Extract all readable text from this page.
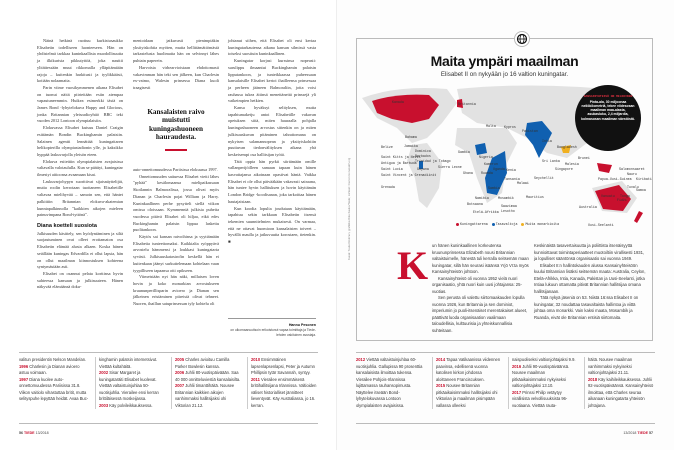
Näinä hetkinä raottuu kurkistusaukko Elisabetin todelliseen luonteeseen. Hän on yhdistelmä tarkkaa kuninkaallista muodollisuutta ja ilkikurista pikkutyttöä, joka nauttii ylitättessään muut rikkomalla ylläpitämiään rajoja – kuitenkin harkitusti ja tyylikkäästi, kotiään nolaamatta.

Parin viime vuosikymmenen aikana Elisabet on tuonut näitä piirteitään esiin aiempaa vapautuneemmin. Huikea esimerkki tästä on James Bond -lyhytelokuva Happy and Glorious, jonka Britannian yleisradioyhtiö BBC teki vuoden 2012 Lontoon olympialaisiin.

Elokuvassa Elisabet kutsuu Daniel Craigin esittämän Bondin Buckinghamin palatsiin. Salainen agentti lennättää kuningattaren helikopterilla olympiastadionin ylle, ja kaksikko hyppää laskuvarjolla yleisön eteen.

Elokuva esitettiin olympialaisten avajaisissa valtavalla valotaululla. Kun se päättyi, kuningatar ilmestyi aitioonsa avaamaan kisat.

Laskuvarjohypyn suorittivat sijaisnäyttelijät, mutta roolin kerrotaan tuottaneen Elisabetille valtavaa mielihyvää – samoin sen, että häntet palkittiin Britannian elokuva-akatemian kunniapalkinnolla "kaikkien aikojen mieleen painuvimpana Bond-tyttönä".

Diana koetteli suosiota

Julkisuuden käsittely, sen hyödyntäminen ja siltä suojautuminen ovat olleet erottamaton osa Elisabetin elämää alusta alkaen. Koska hänen setällään kuningas Edvardilla ei ollut lapsia, hän on ollut maailman kiinnostuksen kohteena syntymästään asti.

Elisabet on osannut pelata korttinsa hyvin suhteessa kansaan ja julkisuuteen. Hänen näkyvää elämäänsä doku-

mentoidaan jatkuvasti pienimpiäkin yksityiskohtia myöten, mutta hellittämättömästä tarkastelusta huolimatta hän on selvinnyt lähes puhtain paperein.

Harvoista virhearvioistaan ehdottomasti vakavimman hän teki sen jälkeen, kun Charlesin ex-vaimo, Walesin prinsessa Diana kuoli traagisesti

Kansalaisten raivo muistutti kuningashuoneen hauraudesta.

auto-onnettomuudessa Pariisissa elokuussa 1997.

Onnettomuuden sattuessa Elisabet vietti lähes "pyhää" kesälomaansa mielipaikassaan Skotlannin Balmoralissa, jossa olivat myös Dianan ja Charlesin pojat William ja Harry. Kuninkaallinen perhe pysytteli siellä viikon omissa oloissaan. Kymmenniä julkisia puheita vuodessa pitävä Elisabet oli hiljaa, eikä edes Buckinghamin palatsin lippua laskettu puolitankoon.

Käytös sai kansan raivoihinsa ja syyttämään Elisabetia tunteettomaksi. Kaikkialta ryöppyävä arvostelu hämmensi ja loukkasi kuningatarta syvästi. Julkisuuskatastrofin keskellä hän ei kuitenkaan jäänyt surkuttelemaan kohtelaan vaan tyypilliseen tapaansa otti opikseen.

Viimeistään nyt hän näki, millaisen loven hovin ja koko monarkian arvostukseen kruununperillisparin avioero ja Dianan sen jälkeinen eristäminen piireistä olivat tehneet. Nuoren, ihaillun satuprinsessan tyly kohtelu oli

johtanut siihen, että Elisabet oli ensi kertaa kuningatarkautensa aikana kansan silmissä vasta toiseksi suosituin kuninkaallinen.

Kuningatar korjasi kurssinsa nopeasti: surulippu ilmaantui Buckinghamin palatsin lipputankoon, ja tunteikkaassa puheessaan kansalaisille Elisabet kertoi ihailleensa prinsessaa ja perheen jääneen Balmoraliin, jotta voisi rauhassa tukea äitinsä menettäneitä prinssejä yli vaikeimpien hetkien.

Kansa hyväksyi selityksen, mutta tapahtumaketju antoi Elisabetille vakavan opetuksen siitä, miten hauraalla pohjalla kuningashuoneen arvostus sittenkin on ja miten julkisuuskuvan pitäminen tahrattomana on nykyisen salamannopean ja yksityiskohtiin puuttuvan tiedonvälityksen aikana yhä keskeisempi osa hallitsijan työtä.

Tätä oppia hän pyrkii siirtämään omille vallanperijöilleen samaan tapaan kuin hänen kasvattajansa aikoinaan opastivat häntä. Vaikka Elisabet ei ole ollut päivääkään vakavasti sairaana, hän tuntee hyvin hallituksen ja hovin käyttämän London Bridge -koodisanan, joka tarkoittaa hänen hautajaisiaan.

Kun koodia lopulta joudutaan käyttämään, tapahtuu sekin tarkkaan Elisabetin itsensä tekemien suunnitelmien mukaisesti. On varmaa, että ne ottavat huomioon kansalaisten toiveet – hyvällä maulla ja jatkuvuutta korostaen, tietenkin. ■

Hannu Pesonen
on ulkomaanuutisoin erikoistunut vapaa toimittaja ja Tiede-lehden vakituinen avustaja.
valitun presidentin Nelson Mandelan.
1996 Charlesin ja Dianan avioero astuu voimaan.
1997 Diana kuolee auto-onnettomuudessa Pariisissa 31.8. Viikon vaitiolo vihastuttaa britit, mutta selityspuhe lepyttää heidät. Avaa Buc-
kinghamin palatsin internetsivut. Viettää kultahäitä.
2002 Sisar Margaret ja kuningataräiti Elisabet kuolevat. Viettää valtaistuinjuhlaa 50-vuotisjuhlia. Vierailee ensi kerran brittiläisessä moskeijassa.
2003 Käy polvileikkauksessa.
2005 Charles avioituu Camilla Parker Bowlesin kanssa.
2006 Juhlii 80-vuotispäiväään. Saa 40 000 onnitteluviestiä kansalaisilta.
2007 Juhlii timanttihäitä. Nousee Britannian kaikkien aikojen vanhimmaksi hallitsijaksi ohi Viktorian 21.12.
2010 Ensimmäinen lapsenlapsenlapsi, Peter ja Autumn Phillipsin tytär Savannah, syntyy.
2011 Vierailee ensimmäisenä brittihallitsijana Irlannissa. Valtioiden väliset historialliset jännitteet lieventyvät. Käy Australiassa, jo 16. kerran.
56 TIEDE 13/2018
Kuvat: Tuula Kiiskinen, grafiikka Riku Kauko/Tiede; Lähteet: thecommonwealth.org
Maita ympäri maailman
Elisabet II on nykyään jo 16 valtion kuningatar.
Kanada	Britannia
Bahama
Belize	Jamaika
Dominica
Barbados
Trinidad ja Tobago
Guyana
Saint Kitts ja Nevis
Antigua ja Barbuda
Saint Lucia
Saint Vincent ja Grenadiinit
Grenada
Malta Kypros
Pakistan
Intia
Bangladesh
Sri Lanka
Brunei
Malesia
Singapore
Gambia
Sierra Leone
Ghana
Nigeria
Kamerun
Uganda Kenia
Ruanda
Tansania
Malawi
Seychellit
Sambia
Namibia	Mosambik
Botswana
Mauritius
Swazimaa
Etelä-Afrikka Lesotho
Australia
Uusi-Seelanti
Salomonsaaret
Nauru
Kiribati
Papua-Uusi-Guinea
Tuvalu
Samoa
Vanuatu Tonga
Fidži
KANSAINYHTEISÖ ON MELKOINEN
Pinta-ala, 30 miljoonaa neliökilometriä, tekee viidesosan maailman maa-alasta, asukasluku, 2,4 miljardia, kolmasosan maailman väestöstä.
Kuningattarena Tasavaltoja Muita monarkioita
K un hänen kuninkaallinen korkeutensa kruununprinsessa Elizabeth nousi Britannian valtaistuimelle, hänestä tuli kerralla seitsemän maan kuningatar, sillä hän seurasi isäänsä Yrjö VI:ta myös Kansainyhteisön johtoon.

Kansainyhteisö oli vuonna 1952 vielä nuori organisaatio, yhtä nuori kuin uusi johtajansa: 25-vuotias.

Sen perusta oli valettu siirtomaakauden lopulla vuonna 1926, kun Britannia ja sen dominiot, imperiumin jo puoli-itsenäiset merentakaiset alueet, päättivät luoda organisaation vaalimaan taloudellisia, kulttuurisia ja yhteiskunnallisia suhteitaan.

Keskinäistä tasavertaisuutta ja poliittista itsenäisyyttä kunnioittavat toimintaperiaatteet muotoiltiin virallisesti 1931, ja lopulliset sääntönsä organisaatio sai vuonna 1949.

Elisabet II:n hallintokauden alussa Kansainyhteisöön kuului Britannian lisäksi seitsemän maata: Australia, Ceylon, Etelä-Afrikka, Intia, Kanada, Pakistan ja Uusi-Seelanti, jotka Intiaa lukuun ottamatta pitivät Britannian hallitsijaa omana hallitsijanaan.

Tätä nykyä jäseniä on 53. Niistä 16:ssa Elisabet II on kuningatar, 32 noudattaa tasavaltaista hallintoa ja viittä johtaa oma monarkki. Vain kaksi maata, Mosambik ja Ruanda, eivät ole Britannian entisiä siirtomaita.

2012 Viettää valtaistuinjuhlaa 60-vuotisjuhlia. Gallupissa 90 prosenttia kansalaisista ilmoittaa tukensa. Vierailee Pohjois-Irlannissa lujittamassa rauhansopimusta. Näyttelee itseään Bond-lyhytelokuvassa Lontoon olympialaisten avajaisissa.
2014 Tapaa Vatikaanissa viidennen paavinsa, edellisenä vuonna katolisen kirkon johdossa aloittaneen Franciscuksen.
2015 Nousee Britannian pitkäaikaisimmaksi hallitsijaksi ohi Viktorian ja maailman pisimpään vallassa olleeksi
naispuoliseksi valtionjohtajaksi 9.9.
2016 Juhlii 90-vuotispäiväänsä. Nousee maailman pitkäaikaisimmaksi nykyiseksi valtionjohtajaksi 13.10.
2017 Prinssi Philip vetäytyy virallisista velvollisuuksista 96-vuotiaana. Viettää rauta-
häitä. Nousee maailman vanhimmaksi nykyiseksi valtionjohtajaksi 21.11.
2018 Käy kaihileikkauksessa. Juhlii 92-vuotispäiväänsä. Kansainyhteisö ilmoittaa, että Charles seuraa aikanaan kuningatarta yhteisön johtajana.
13/2018 TIEDE 57
